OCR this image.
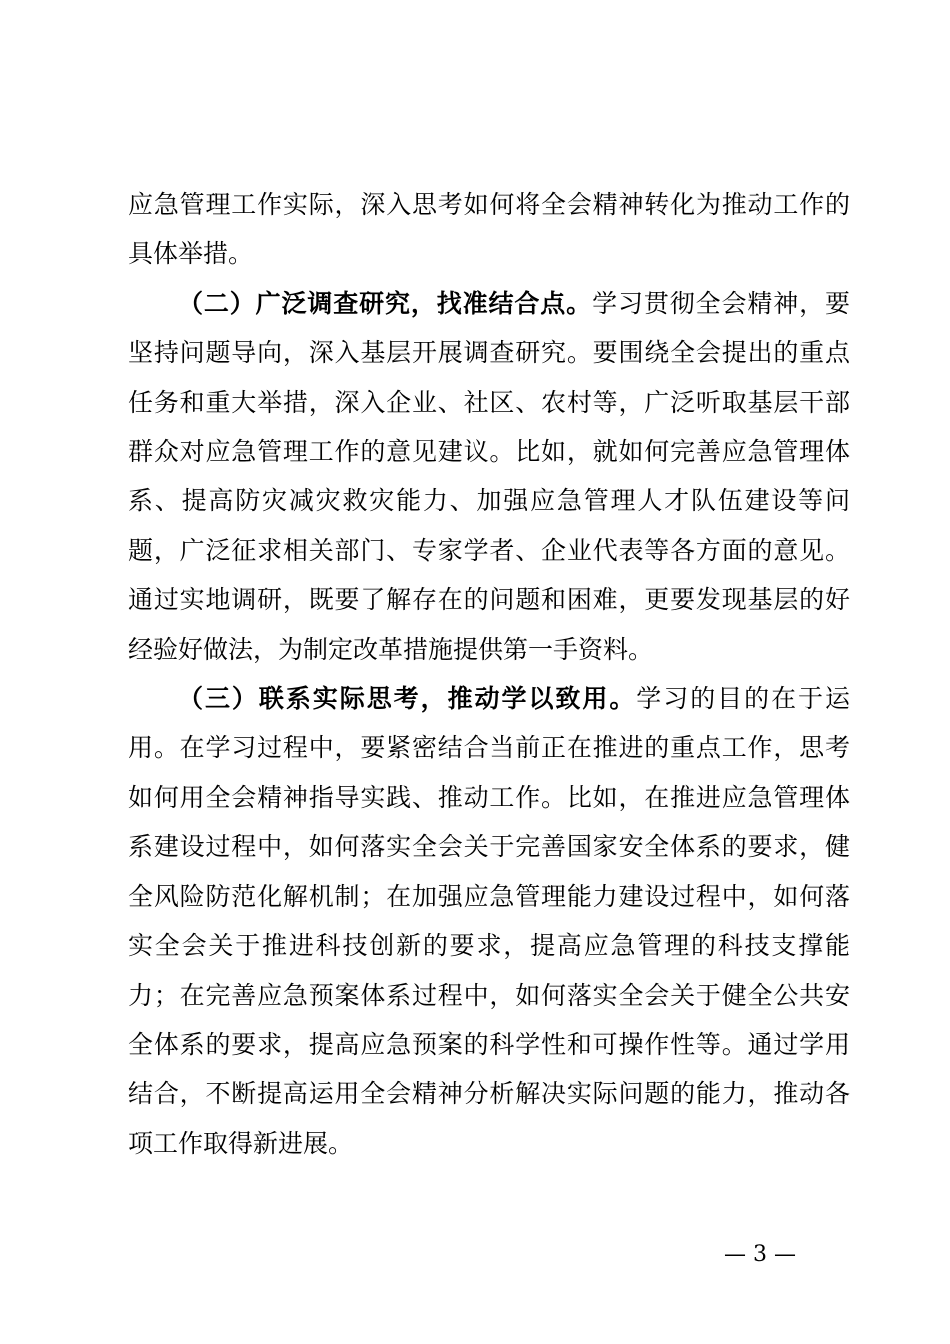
应急管理工作实际，深入思考如何将全会精神转化为推动工作的具体举措。

（二）广泛调查研究，找准结合点。学习贯彻全会精神，要坚持问题导向，深入基层开展调查研究。要围绕全会提出的重点任务和重大举措，深入企业、社区、农村等，广泛听取基层干部群众对应急管理工作的意见建议。比如，就如何完善应急管理体系、提高防灾减灾救灾能力、加强应急管理人才队伍建设等问题，广泛征求相关部门、专家学者、企业代表等各方面的意见。通过实地调研，既要了解存在的问题和困难，更要发现基层的好经验好做法，为制定改革措施提供第一手资料。

（三）联系实际思考，推动学以致用。学习的目的在于运用。在学习过程中，要紧密结合当前正在推进的重点工作，思考如何用全会精神指导实践、推动工作。比如，在推进应急管理体系建设过程中，如何落实全会关于完善国家安全体系的要求，健全风险防范化解机制；在加强应急管理能力建设过程中，如何落实全会关于推进科技创新的要求，提高应急管理的科技支撑能力；在完善应急预案体系过程中，如何落实全会关于健全公共安全体系的要求，提高应急预案的科学性和可操作性等。通过学用结合，不断提高运用全会精神分析解决实际问题的能力，推动各项工作取得新进展。

— 3 —
